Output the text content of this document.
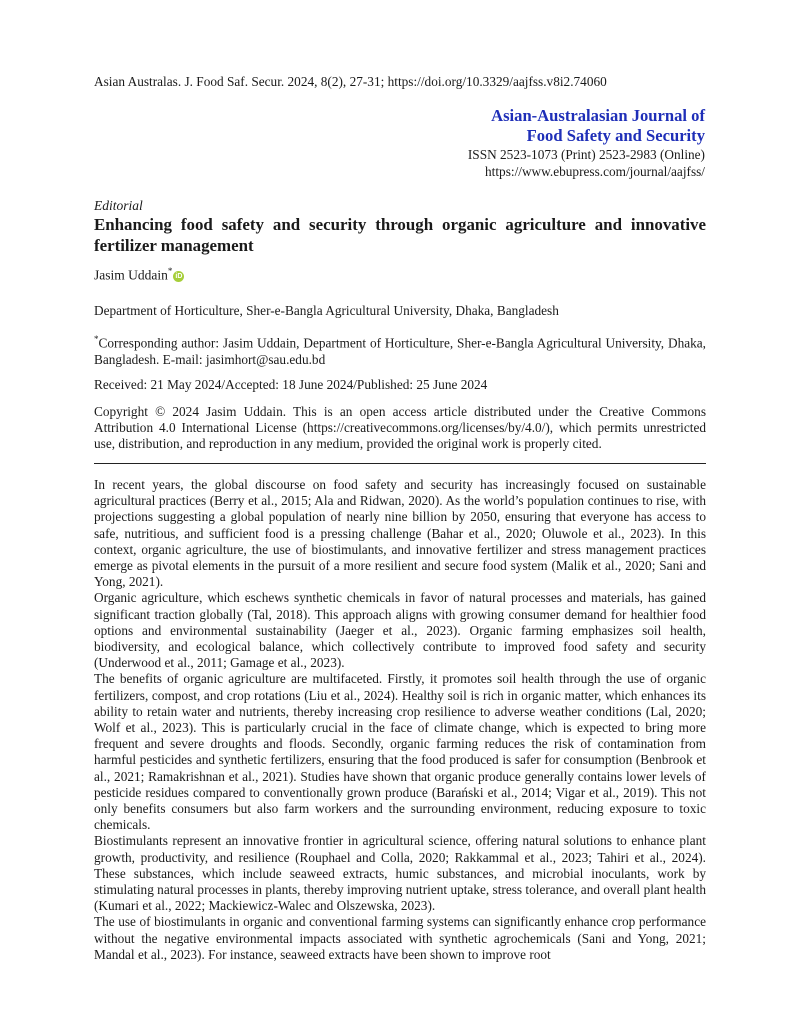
Asian Australas. J. Food Saf. Secur. 2024, 8(2), 27-31; https://doi.org/10.3329/aajfss.v8i2.74060
Asian-Australasian Journal of
Food Safety and Security
ISSN 2523-1073 (Print) 2523-2983 (Online)
https://www.ebupress.com/journal/aajfss/
Editorial
Enhancing food safety and security through organic agriculture and innovative fertilizer management
Jasim Uddain* iD

Department of Horticulture, Sher-e-Bangla Agricultural University, Dhaka, Bangladesh

*Corresponding author: Jasim Uddain, Department of Horticulture, Sher-e-Bangla Agricultural University, Dhaka, Bangladesh. E-mail: jasimhort@sau.edu.bd

Received: 21 May 2024/Accepted: 18 June 2024/Published: 25 June 2024

Copyright © 2024 Jasim Uddain. This is an open access article distributed under the Creative Commons Attribution 4.0 International License (https://creativecommons.org/licenses/by/4.0/), which permits unrestricted use, distribution, and reproduction in any medium, provided the original work is properly cited.

In recent years, the global discourse on food safety and security has increasingly focused on sustainable agricultural practices (Berry et al., 2015; Ala and Ridwan, 2020). As the world’s population continues to rise, with projections suggesting a global population of nearly nine billion by 2050, ensuring that everyone has access to safe, nutritious, and sufficient food is a pressing challenge (Bahar et al., 2020; Oluwole et al., 2023). In this context, organic agriculture, the use of biostimulants, and innovative fertilizer and stress management practices emerge as pivotal elements in the pursuit of a more resilient and secure food system (Malik et al., 2020; Sani and Yong, 2021).

Organic agriculture, which eschews synthetic chemicals in favor of natural processes and materials, has gained significant traction globally (Tal, 2018). This approach aligns with growing consumer demand for healthier food options and environmental sustainability (Jaeger et al., 2023). Organic farming emphasizes soil health, biodiversity, and ecological balance, which collectively contribute to improved food safety and security (Underwood et al., 2011; Gamage et al., 2023).

The benefits of organic agriculture are multifaceted. Firstly, it promotes soil health through the use of organic fertilizers, compost, and crop rotations (Liu et al., 2024). Healthy soil is rich in organic matter, which enhances its ability to retain water and nutrients, thereby increasing crop resilience to adverse weather conditions (Lal, 2020; Wolf et al., 2023). This is particularly crucial in the face of climate change, which is expected to bring more frequent and severe droughts and floods. Secondly, organic farming reduces the risk of contamination from harmful pesticides and synthetic fertilizers, ensuring that the food produced is safer for consumption (Benbrook et al., 2021; Ramakrishnan et al., 2021). Studies have shown that organic produce generally contains lower levels of pesticide residues compared to conventionally grown produce (Barański et al., 2014; Vigar et al., 2019). This not only benefits consumers but also farm workers and the surrounding environment, reducing exposure to toxic chemicals.

Biostimulants represent an innovative frontier in agricultural science, offering natural solutions to enhance plant growth, productivity, and resilience (Rouphael and Colla, 2020; Rakkammal et al., 2023; Tahiri et al., 2024). These substances, which include seaweed extracts, humic substances, and microbial inoculants, work by stimulating natural processes in plants, thereby improving nutrient uptake, stress tolerance, and overall plant health (Kumari et al., 2022; Mackiewicz-Walec and Olszewska, 2023).

The use of biostimulants in organic and conventional farming systems can significantly enhance crop performance without the negative environmental impacts associated with synthetic agrochemicals (Sani and Yong, 2021; Mandal et al., 2023). For instance, seaweed extracts have been shown to improve root
